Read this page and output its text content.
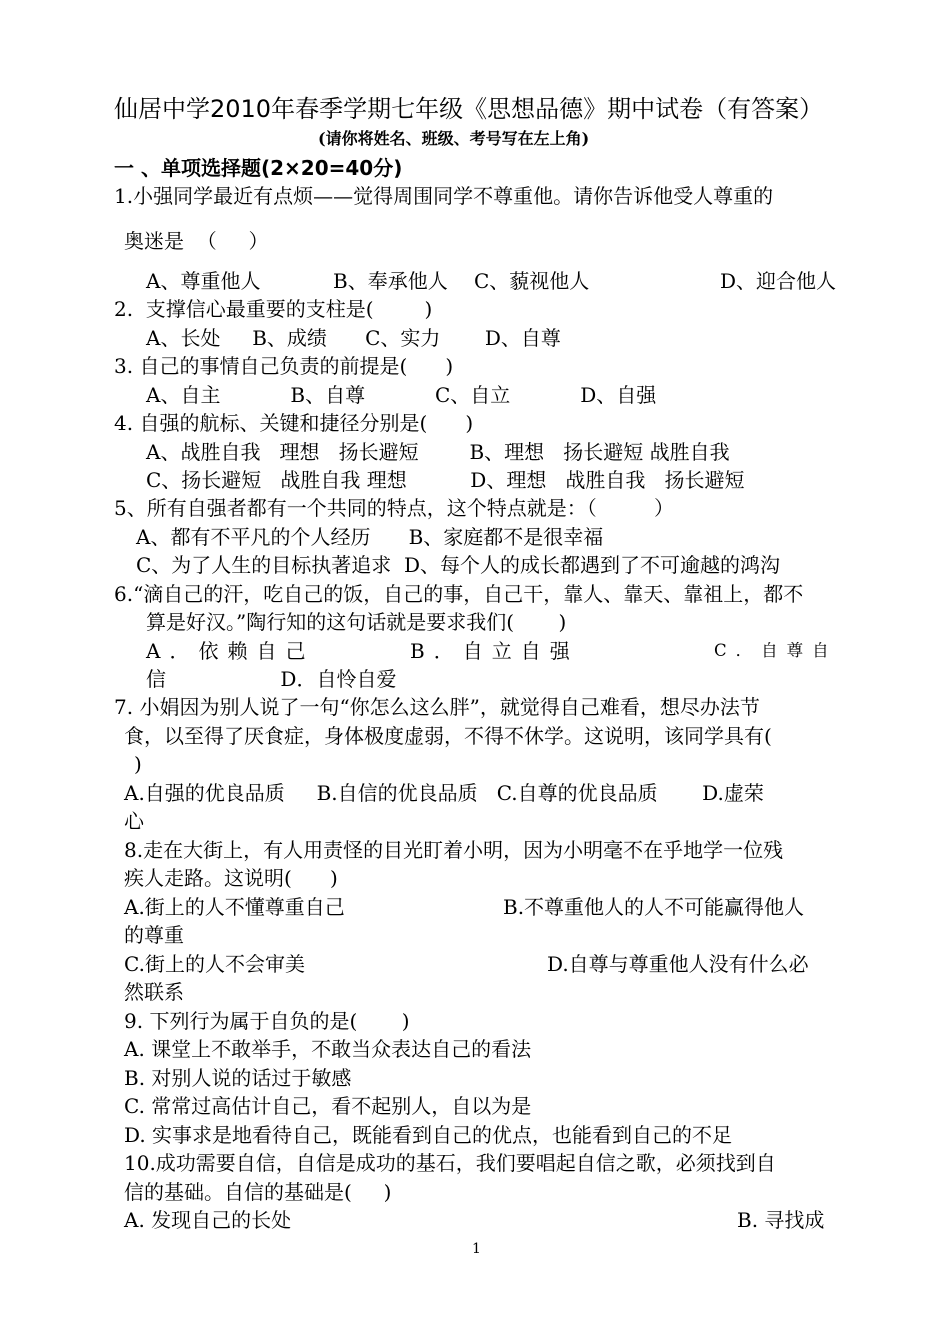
仙居中学2010年春季学期七年级《思想品德》期中试卷（有答案）
(请你将姓名、班级、考号写在左上角)
一 、单项选择题(2×20=40分)
1.小强同学最近有点烦——觉得周围同学不尊重他。请你告诉他受人尊重的
奥迷是  （     ）
A、尊重他人	B、奉承他人 C、藐视他人	D、迎合他人
2.  支撑信心最重要的支柱是(        )
A、长处     B、成绩      C、实力       D、自尊
3. 自己的事情自己负责的前提是(      )
A、自主           B、自尊           C、自立           D、自强
4. 自强的航标、关键和捷径分别是(      )
A、战胜自我   理想   扬长避短        B、理想   扬长避短 战胜自我
C、扬长避短   战胜自我 理想          D、理想   战胜自我   扬长避短
5、所有自强者都有一个共同的特点，这个特点就是：（         ）
A、都有不平凡的个人经历      B、家庭都不是很幸福
C、为了人生的目标执著追求  D、每个人的成长都遇到了不可逾越的鸿沟
6.“滴自己的汗，吃自己的饭，自己的事，自己干，靠人、靠天、靠祖上，都不
算是好汉。”陶行知的这句话就是要求我们(       )
A．依赖自己	B．自立自强	C．自尊自
信                  D．自怜自爱
7. 小娟因为别人说了一句“你怎么这么胖”，就觉得自己难看，想尽办法节
食，以至得了厌食症，身体极度虚弱，不得不休学。这说明，该同学具有(
)
A.自强的优良品质     B.自信的优良品质   C.自尊的优良品质       D.虚荣
心
8.走在大街上，有人用责怪的目光盯着小明，因为小明毫不在乎地学一位残
疾人走路。这说明(      )
A.街上的人不懂尊重自己	B.不尊重他人的人不可能赢得他人
的尊重
C.街上的人不会审美	D.自尊与尊重他人没有什么必
然联系
9. 下列行为属于自负的是(       )
A. 课堂上不敢举手，不敢当众表达自己的看法
B. 对别人说的话过于敏感
C. 常常过高估计自己，看不起别人，自以为是
D. 实事求是地看待自己，既能看到自己的优点，也能看到自己的不足
10.成功需要自信，自信是成功的基石，我们要唱起自信之歌，必须找到自
信的基础。自信的基础是(     )
A. 发现自己的长处	B. 寻找成
1
